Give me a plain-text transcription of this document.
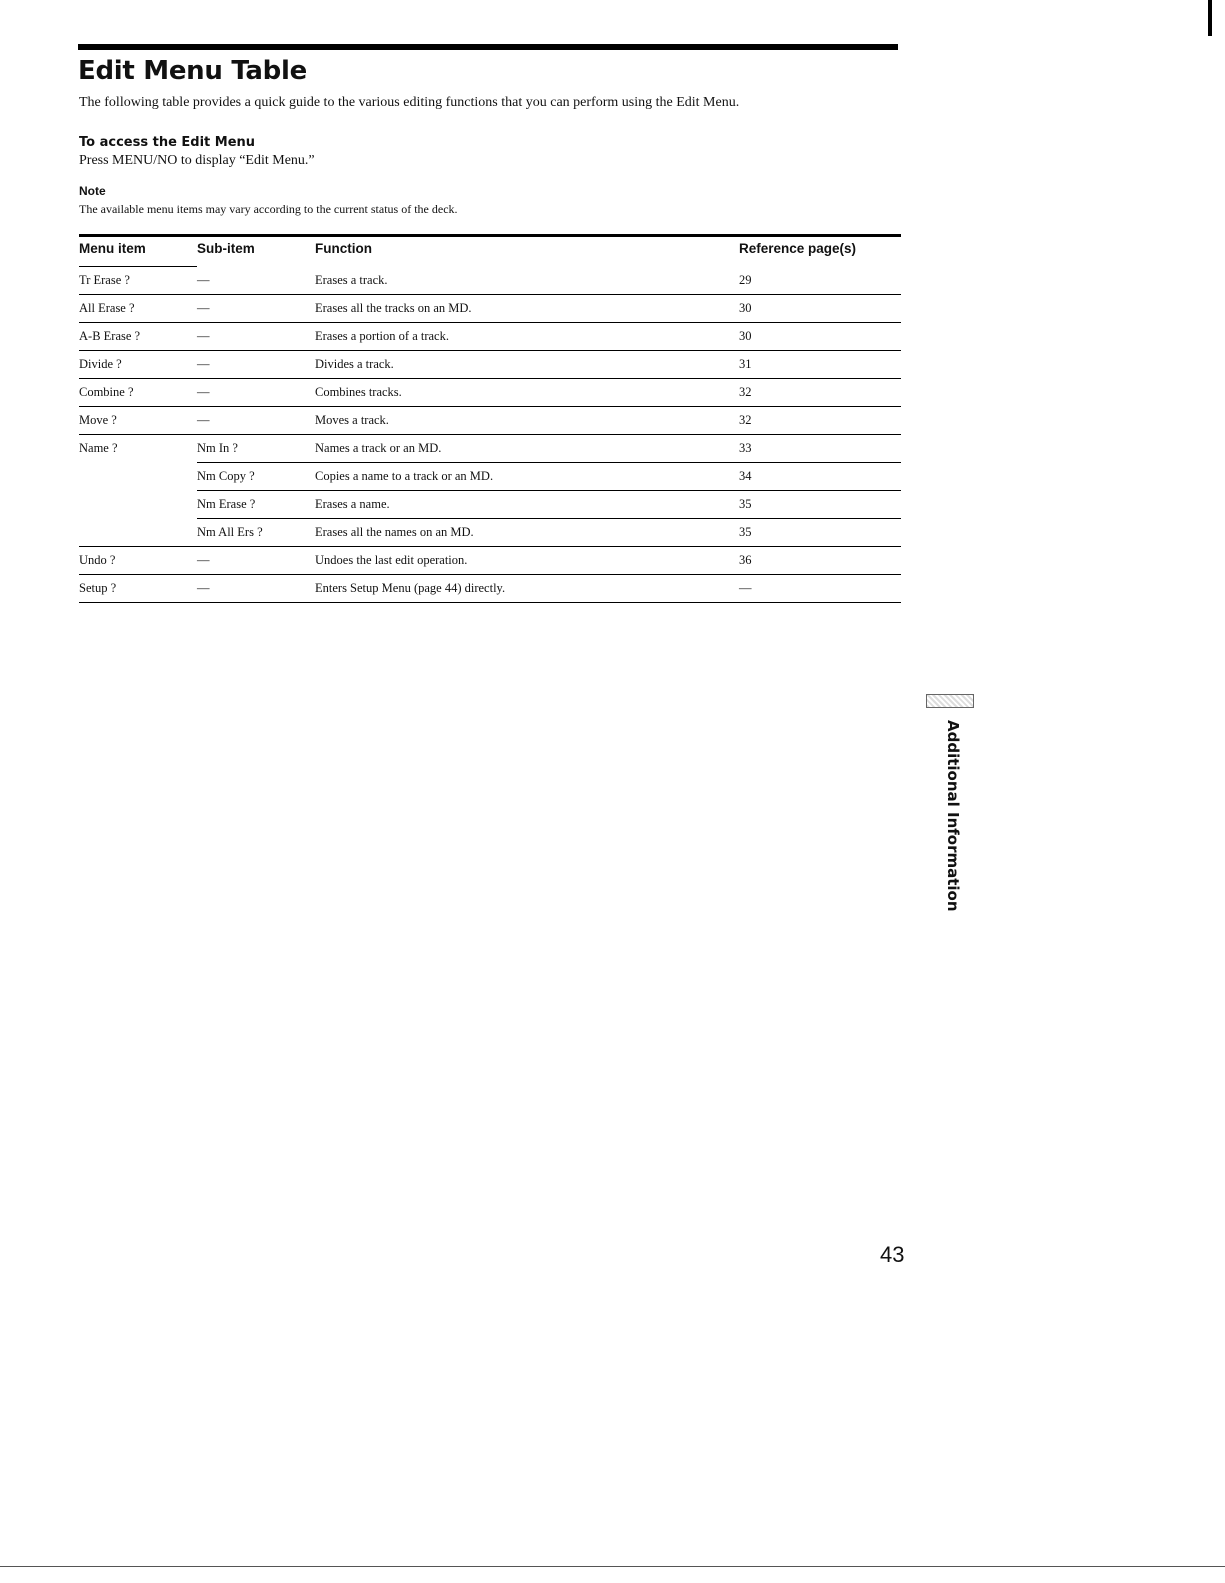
Edit Menu Table
The following table provides a quick guide to the various editing functions that you can perform using the Edit Menu.
To access the Edit Menu
Press MENU/NO to display “Edit Menu.”
Note
The available menu items may vary according to the current status of the deck.
Menu item	Sub-item	Function	Reference page(s)
Tr Erase ?	—	Erases a track.	29
All Erase ?	—	Erases all the tracks on an MD.	30
A-B Erase ?	—	Erases a portion of a track.	30
Divide ?	—	Divides a track.	31
Combine ?	—	Combines tracks.	32
Move ?	—	Moves a track.	32
Name ?	Nm In ?	Names a track or an MD.	33
	Nm Copy ?	Copies a name to a track or an MD.	34
	Nm Erase ?	Erases a name.	35
	Nm All Ers ?	Erases all the names on an MD.	35
Undo ?	—	Undoes the last edit operation.	36
Setup ?	—	Enters Setup Menu (page 44) directly.	—
Additional Information
43
